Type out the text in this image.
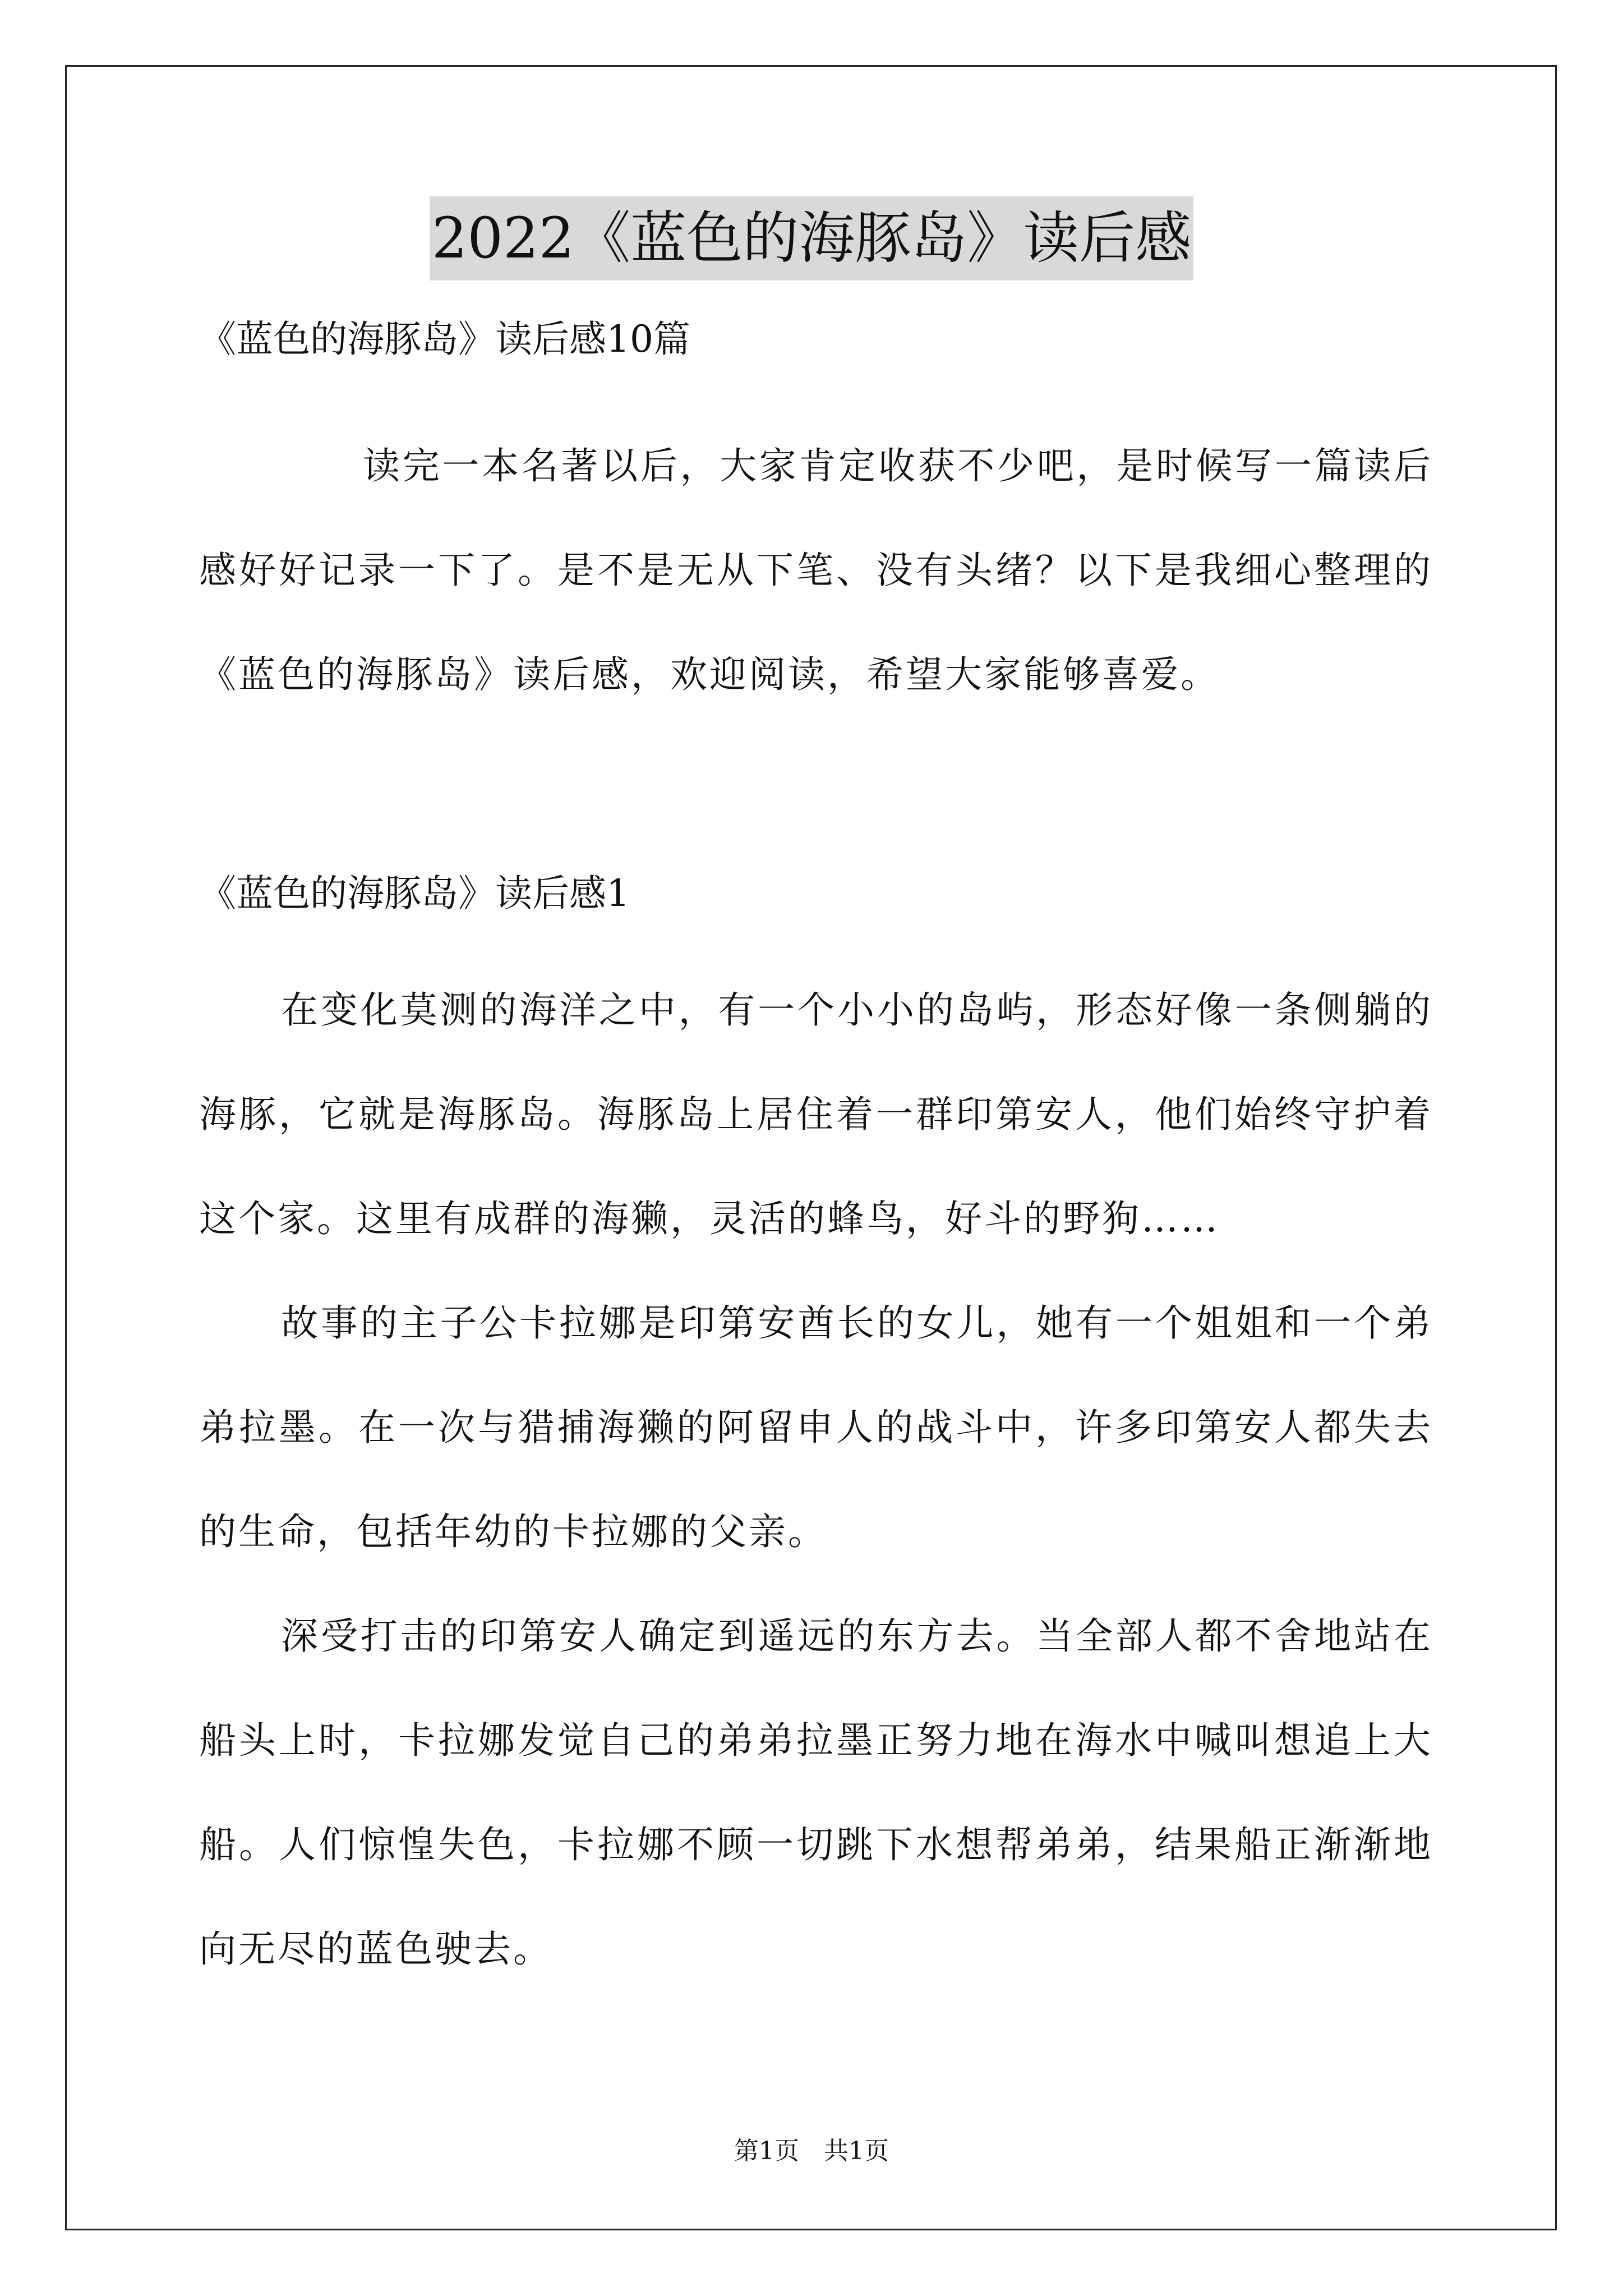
2022《蓝色的海豚岛》读后感

《蓝色的海豚岛》读后感10篇

读完一本名著以后，大家肯定收获不少吧，是时候写一篇读后感好好记录一下了。是不是无从下笔、没有头绪？以下是我细心整理的《蓝色的海豚岛》读后感，欢迎阅读，希望大家能够喜爱。

《蓝色的海豚岛》读后感1

在变化莫测的海洋之中，有一个小小的岛屿，形态好像一条侧躺的海豚，它就是海豚岛。海豚岛上居住着一群印第安人，他们始终守护着这个家。这里有成群的海獭，灵活的蜂鸟，好斗的野狗……

故事的主子公卡拉娜是印第安酋长的女儿，她有一个姐姐和一个弟弟拉墨。在一次与猎捕海獭的阿留申人的战斗中，许多印第安人都失去的生命，包括年幼的卡拉娜的父亲。

深受打击的印第安人确定到遥远的东方去。当全部人都不舍地站在船头上时，卡拉娜发觉自己的弟弟拉墨正努力地在海水中喊叫想追上大船。人们惊惶失色，卡拉娜不顾一切跳下水想帮弟弟，结果船正渐渐地向无尽的蓝色驶去。

第1页　共1页
